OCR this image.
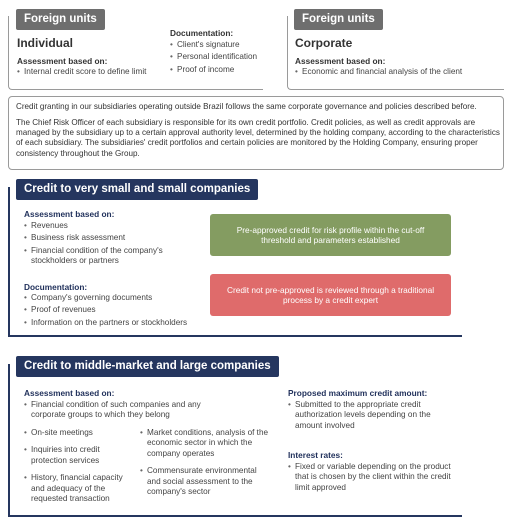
Foreign units
Individual
Assessment based on:
• Internal credit score to define limit
Documentation:
• Client's signature
• Personal identification
• Proof of income
Foreign units
Corporate
Assessment based on:
• Economic and financial analysis of the client
Credit granting in our subsidiaries operating outside Brazil follows the same corporate governance and policies described before.
The Chief Risk Officer of each subsidiary is responsible for its own credit portfolio. Credit policies, as well as credit approvals are managed by the subsidiary up to a certain approval authority level, determined by the holding company, according to the characteristics of each subsidiary. The subsidiaries' credit portfolios and certain policies are monitored by the Holding Company, ensuring proper consistency throughout the Group.
Credit to very small and small companies
Assessment based on:
• Revenues
• Business risk assessment
• Financial condition of the company's stockholders or partners
Documentation:
• Company's governing documents
• Proof of revenues
• Information on the partners or stockholders
Pre-approved credit for risk profile within the cut-off threshold and parameters established
Credit not pre-approved is reviewed through a traditional process by a credit expert
Credit to middle-market and large companies
Assessment based on:
• Financial condition of such companies and any corporate groups to which they belong
• On-site meetings
• Inquiries into credit protection services
• History, financial capacity and adequacy of the requested transaction
• Market conditions, analysis of the economic sector in which the company operates
• Commensurate environmental and social assessment to the company's sector
Proposed maximum credit amount:
• Submitted to the appropriate credit authorization levels depending on the amount involved
Interest rates:
• Fixed or variable depending on the product that is chosen by the client within the credit limit approved
